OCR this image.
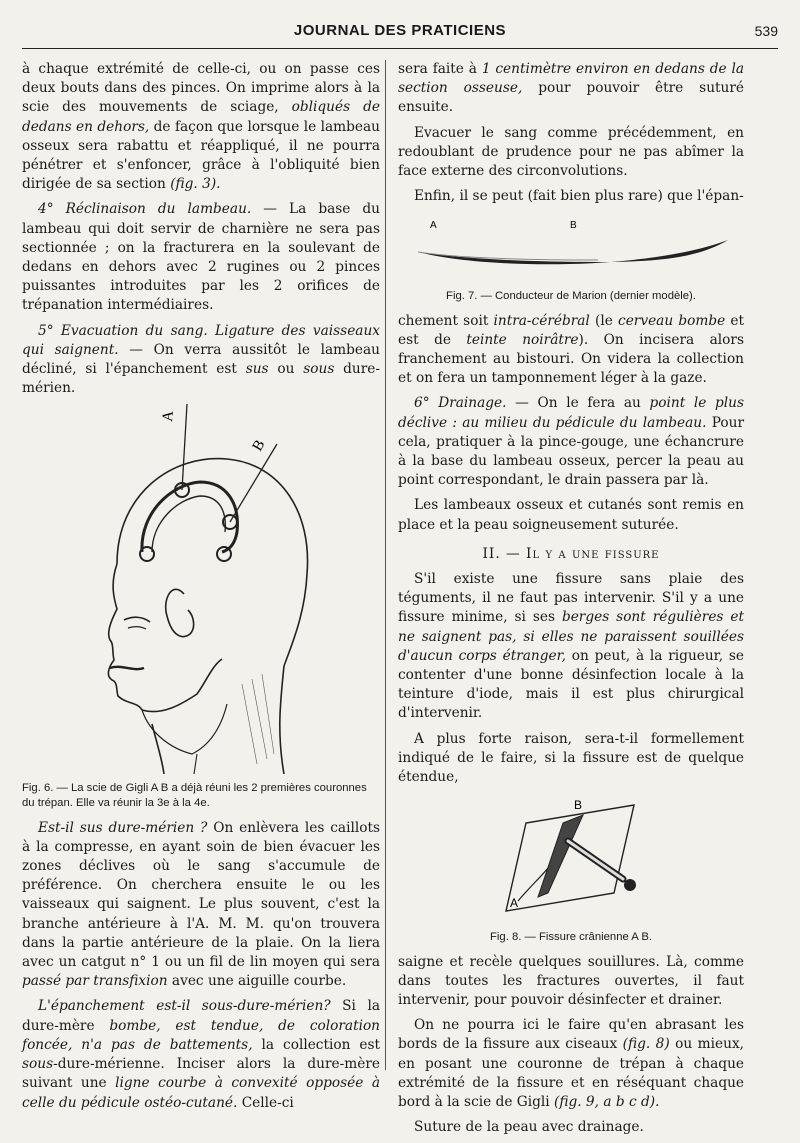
JOURNAL DES PRATICIENS	539

à chaque extrémité de celle-ci, ou on passe ces deux bouts dans des pinces. On imprime alors à la scie des mouvements de sciage, obliqués de dedans en dehors, de façon que lorsque le lambeau osseux sera rabattu et réappliqué, il ne pourra pénétrer et s'enfoncer, grâce à l'obliquité bien dirigée de sa section (fig. 3).

4° Réclinaison du lambeau. — La base du lambeau qui doit servir de charnière ne sera pas sectionnée ; on la fracturera en la soulevant de dedans en dehors avec 2 rugines ou 2 pinces puissantes introduites par les 2 orifices de trépanation intermédiaires.

5° Evacuation du sang. Ligature des vaisseaux qui saignent. — On verra aussitôt le lambeau décliné, si l'épanchement est sus ou sous dure-mérien.

A
B
Fig. 6. — La scie de Gigli A B a déjà réuni les 2 premières couronnes du trépan. Elle va réunir la 3e à la 4e.

Est-il sus dure-mérien ? On enlèvera les caillots à la compresse, en ayant soin de bien évacuer les zones déclives où le sang s'accumule de préférence. On cherchera ensuite le ou les vaisseaux qui saignent. Le plus souvent, c'est la branche antérieure à l'A. M. M. qu'on trouvera dans la partie antérieure de la plaie. On la liera avec un catgut n° 1 ou un fil de lin moyen qui sera passé par transfixion avec une aiguille courbe.

L'épanchement est-il sous-dure-mérien? Si la dure-mère bombe, est tendue, de coloration foncée, n'a pas de battements, la collection est sous-dure-mérienne. Inciser alors la dure-mère suivant une ligne courbe à convexité opposée à celle du pédicule ostéo-cutané. Celle-ci

sera faite à 1 centimètre environ en dedans de la section osseuse, pour pouvoir être suturé ensuite.

Evacuer le sang comme précédemment, en redoublant de prudence pour ne pas abîmer la face externe des circonvolutions.

Enfin, il se peut (fait bien plus rare) que l'épan-

A	B
Fig. 7. — Conducteur de Marion (dernier modèle).

chement soit intra-cérébral (le cerveau bombe et est de teinte noirâtre). On incisera alors franchement au bistouri. On videra la collection et on fera un tamponnement léger à la gaze.

6° Drainage. — On le fera au point le plus déclive : au milieu du pédicule du lambeau. Pour cela, pratiquer à la pince-gouge, une échancrure à la base du lambeau osseux, percer la peau au point correspondant, le drain passera par là.

Les lambeaux osseux et cutanés sont remis en place et la peau soigneusement suturée.

II. — Il y a une fissure

S'il existe une fissure sans plaie des téguments, il ne faut pas intervenir. S'il y a une fissure minime, si ses berges sont régulières et ne saignent pas, si elles ne paraissent souillées d'aucun corps étranger, on peut, à la rigueur, se contenter d'une bonne désinfection locale à la teinture d'iode, mais il est plus chirurgical d'intervenir.

A plus forte raison, sera-t-il formellement indiqué de le faire, si la fissure est de quelque étendue,

A
B
Fig. 8. — Fissure crânienne A B.

saigne et recèle quelques souillures. Là, comme dans toutes les fractures ouvertes, il faut intervenir, pour pouvoir désinfecter et drainer.

On ne pourra ici le faire qu'en abrasant les bords de la fissure aux ciseaux (fig. 8) ou mieux, en posant une couronne de trépan à chaque extrémité de la fissure et en réséquant chaque bord à la scie de Gigli (fig. 9, a b c d).

Suture de la peau avec drainage.
